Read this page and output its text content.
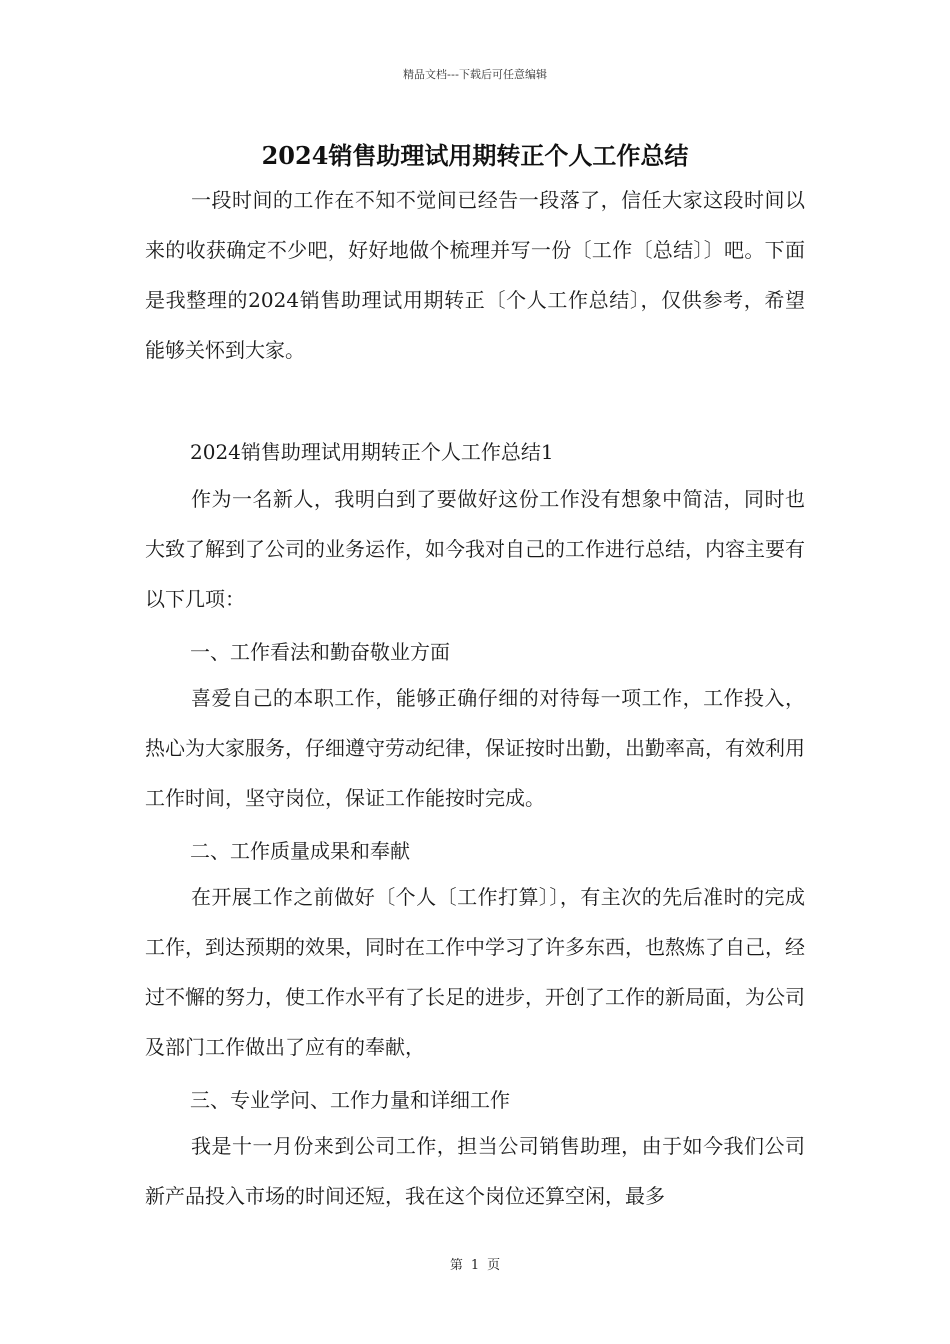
精品文档---下载后可任意编辑
2024销售助理试用期转正个人工作总结

一段时间的工作在不知不觉间已经告一段落了，信任大家这段时间以来的收获确定不少吧，好好地做个梳理并写一份〔工作〔总结〕〕吧。下面是我整理的2024销售助理试用期转正〔个人工作总结〕，仅供参考，希望能够关怀到大家。

2024销售助理试用期转正个人工作总结1

作为一名新人，我明白到了要做好这份工作没有想象中简洁，同时也大致了解到了公司的业务运作，如今我对自己的工作进行总结，内容主要有以下几项：

一、工作看法和勤奋敬业方面

喜爱自己的本职工作，能够正确仔细的对待每一项工作，工作投入，热心为大家服务，仔细遵守劳动纪律，保证按时出勤，出勤率高，有效利用工作时间，坚守岗位，保证工作能按时完成。

二、工作质量成果和奉献

在开展工作之前做好〔个人〔工作打算〕〕，有主次的先后准时的完成工作，到达预期的效果，同时在工作中学习了许多东西，也熬炼了自己，经过不懈的努力，使工作水平有了长足的进步，开创了工作的新局面，为公司及部门工作做出了应有的奉献，

三、专业学问、工作力量和详细工作

我是十一月份来到公司工作，担当公司销售助理，由于如今我们公司新产品投入市场的时间还短，我在这个岗位还算空闲，最多

第 1 页
